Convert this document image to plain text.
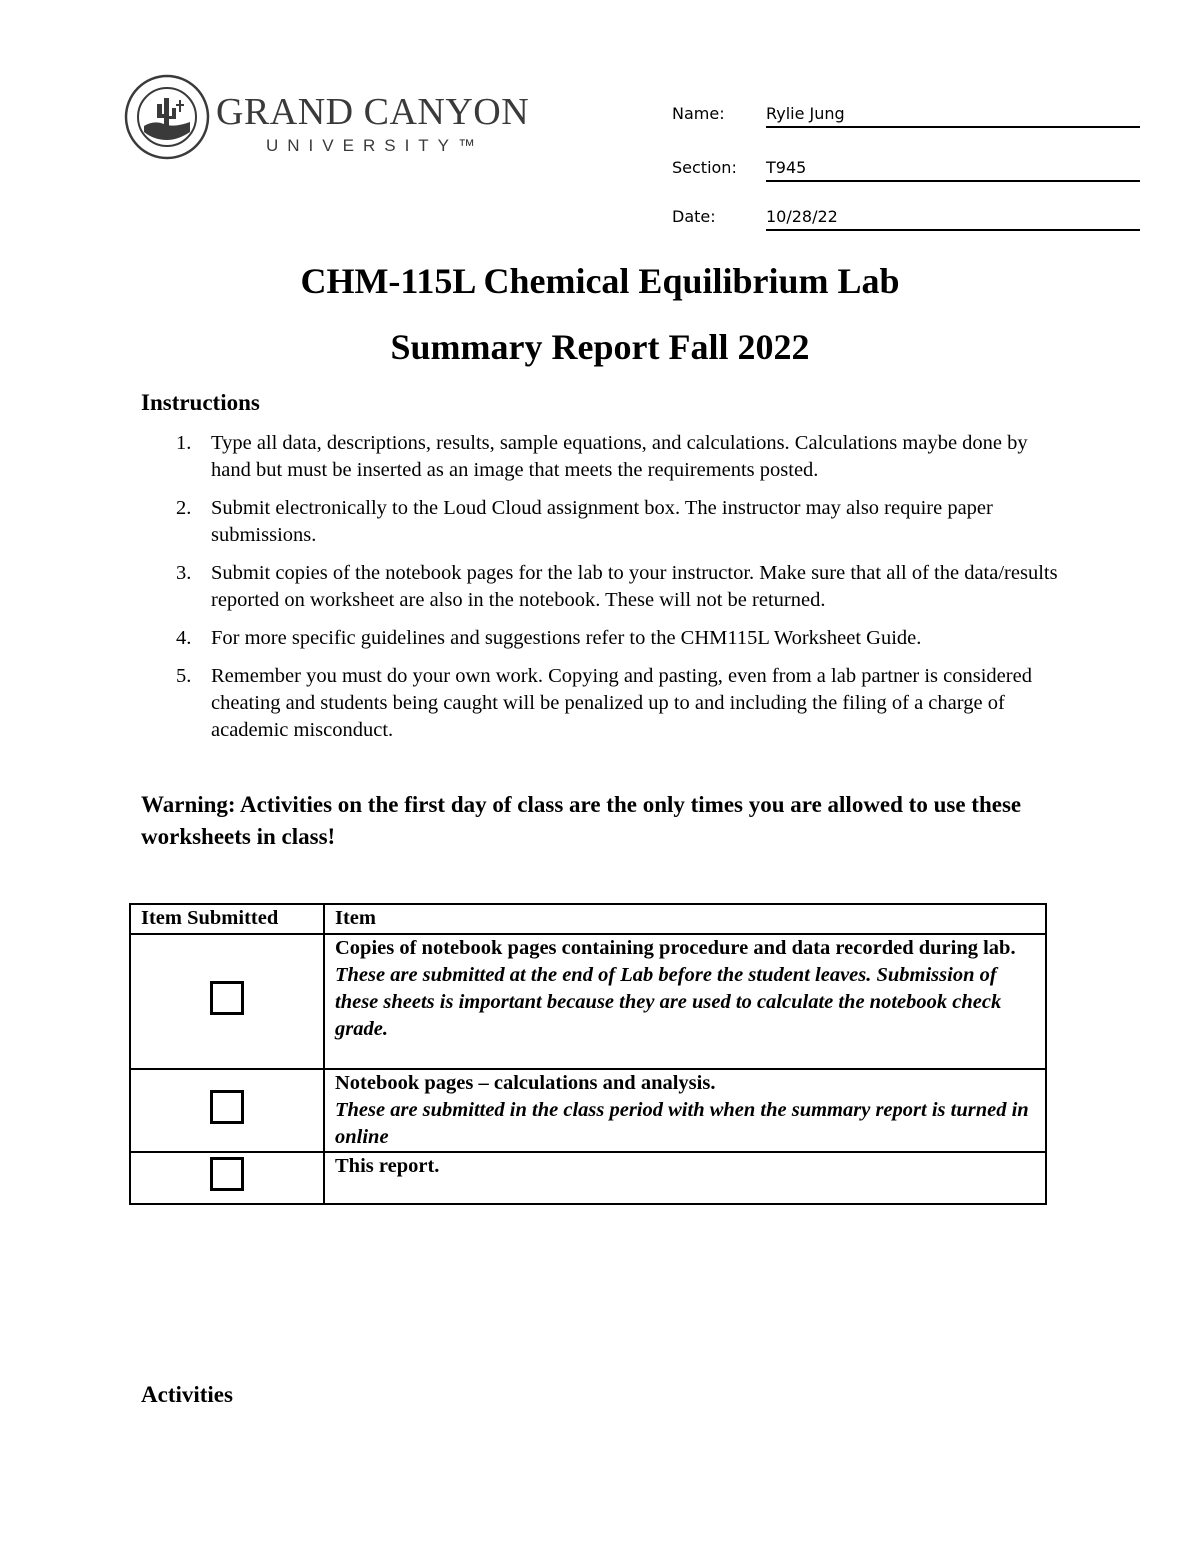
GRAND CANYON
UNIVERSITY™
Name:	Rylie Jung
Section: T945
Date:	10/28/22
CHM-115L Chemical Equilibrium Lab
Summary Report Fall 2022
Instructions
1. Type all data, descriptions, results, sample equations, and calculations. Calculations maybe done by hand but must be inserted as an image that meets the requirements posted.
2. Submit electronically to the Loud Cloud assignment box. The instructor may also require paper submissions.
3. Submit copies of the notebook pages for the lab to your instructor. Make sure that all of the data/results reported on worksheet are also in the notebook. These will not be returned.
4. For more specific guidelines and suggestions refer to the CHM115L Worksheet Guide.
5. Remember you must do your own work. Copying and pasting, even from a lab partner is considered cheating and students being caught will be penalized up to and including the filing of a charge of academic misconduct.
Warning: Activities on the first day of class are the only times you are allowed to use these worksheets in class!
Item Submitted	Item

	Copies of notebook pages containing procedure and data recorded during lab.
These are submitted at the end of Lab before the student leaves. Submission of these sheets is important because they are used to calculate the notebook check grade.

	Notebook pages – calculations and analysis.
These are submitted in the class period with when the summary report is turned in online

	This report.
Activities
